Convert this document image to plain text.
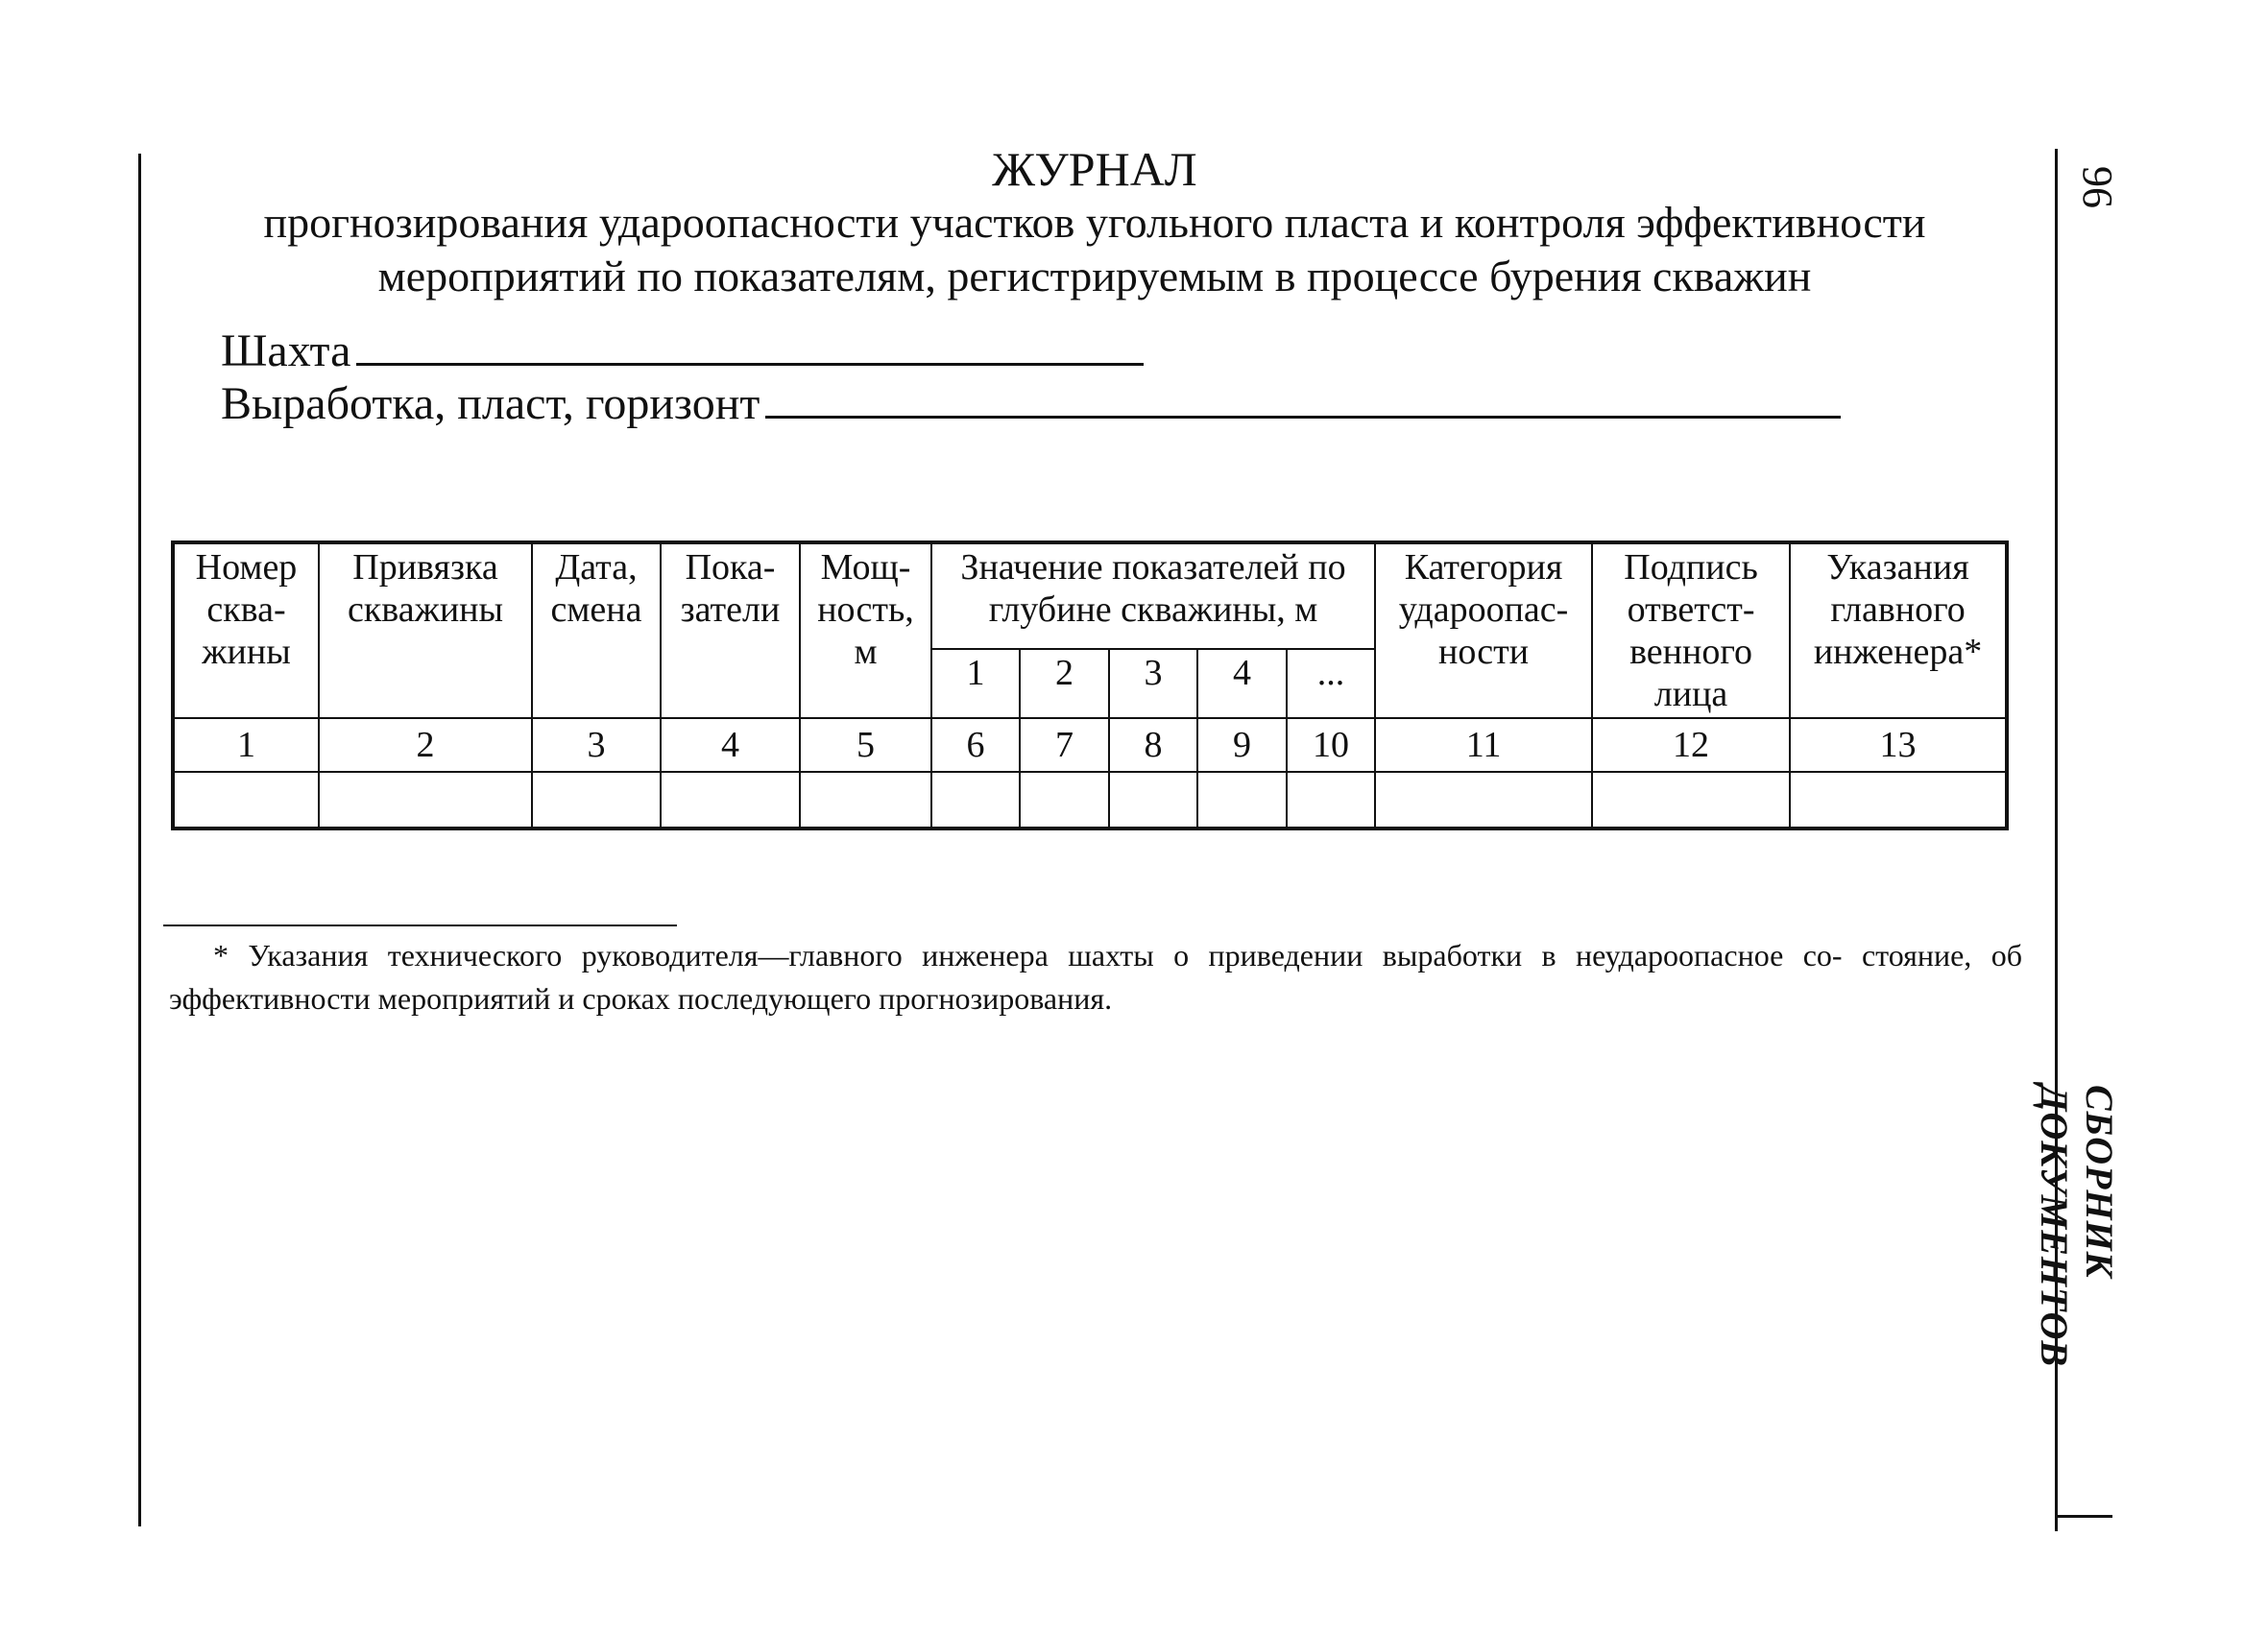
96
СБОРНИК ДОКУМЕНТОВ
ЖУРНАЛ
прогнозирования удароопасности участков угольного пласта и контроля эффективности
мероприятий по показателям, регистрируемым в процессе бурения скважин
Шахта
Выработка, пласт, горизонт
Номер сква- жины	Привязка скважины	Дата, смена	Пока- затели	Мощ- ность, м	Значение показателей по глубине скважины, м					Категория удароопас- ности	Подпись ответст- венного лица	Указания главного инженера*
					1	2	3	4	...			
1	2	3	4	5	6	7	8	9	10	11	12	13

* Указания технического руководителя—главного инженера шахты о приведении выработки в неудароопасное со- стояние, об эффективности мероприятий и сроках последующего прогнозирования.
